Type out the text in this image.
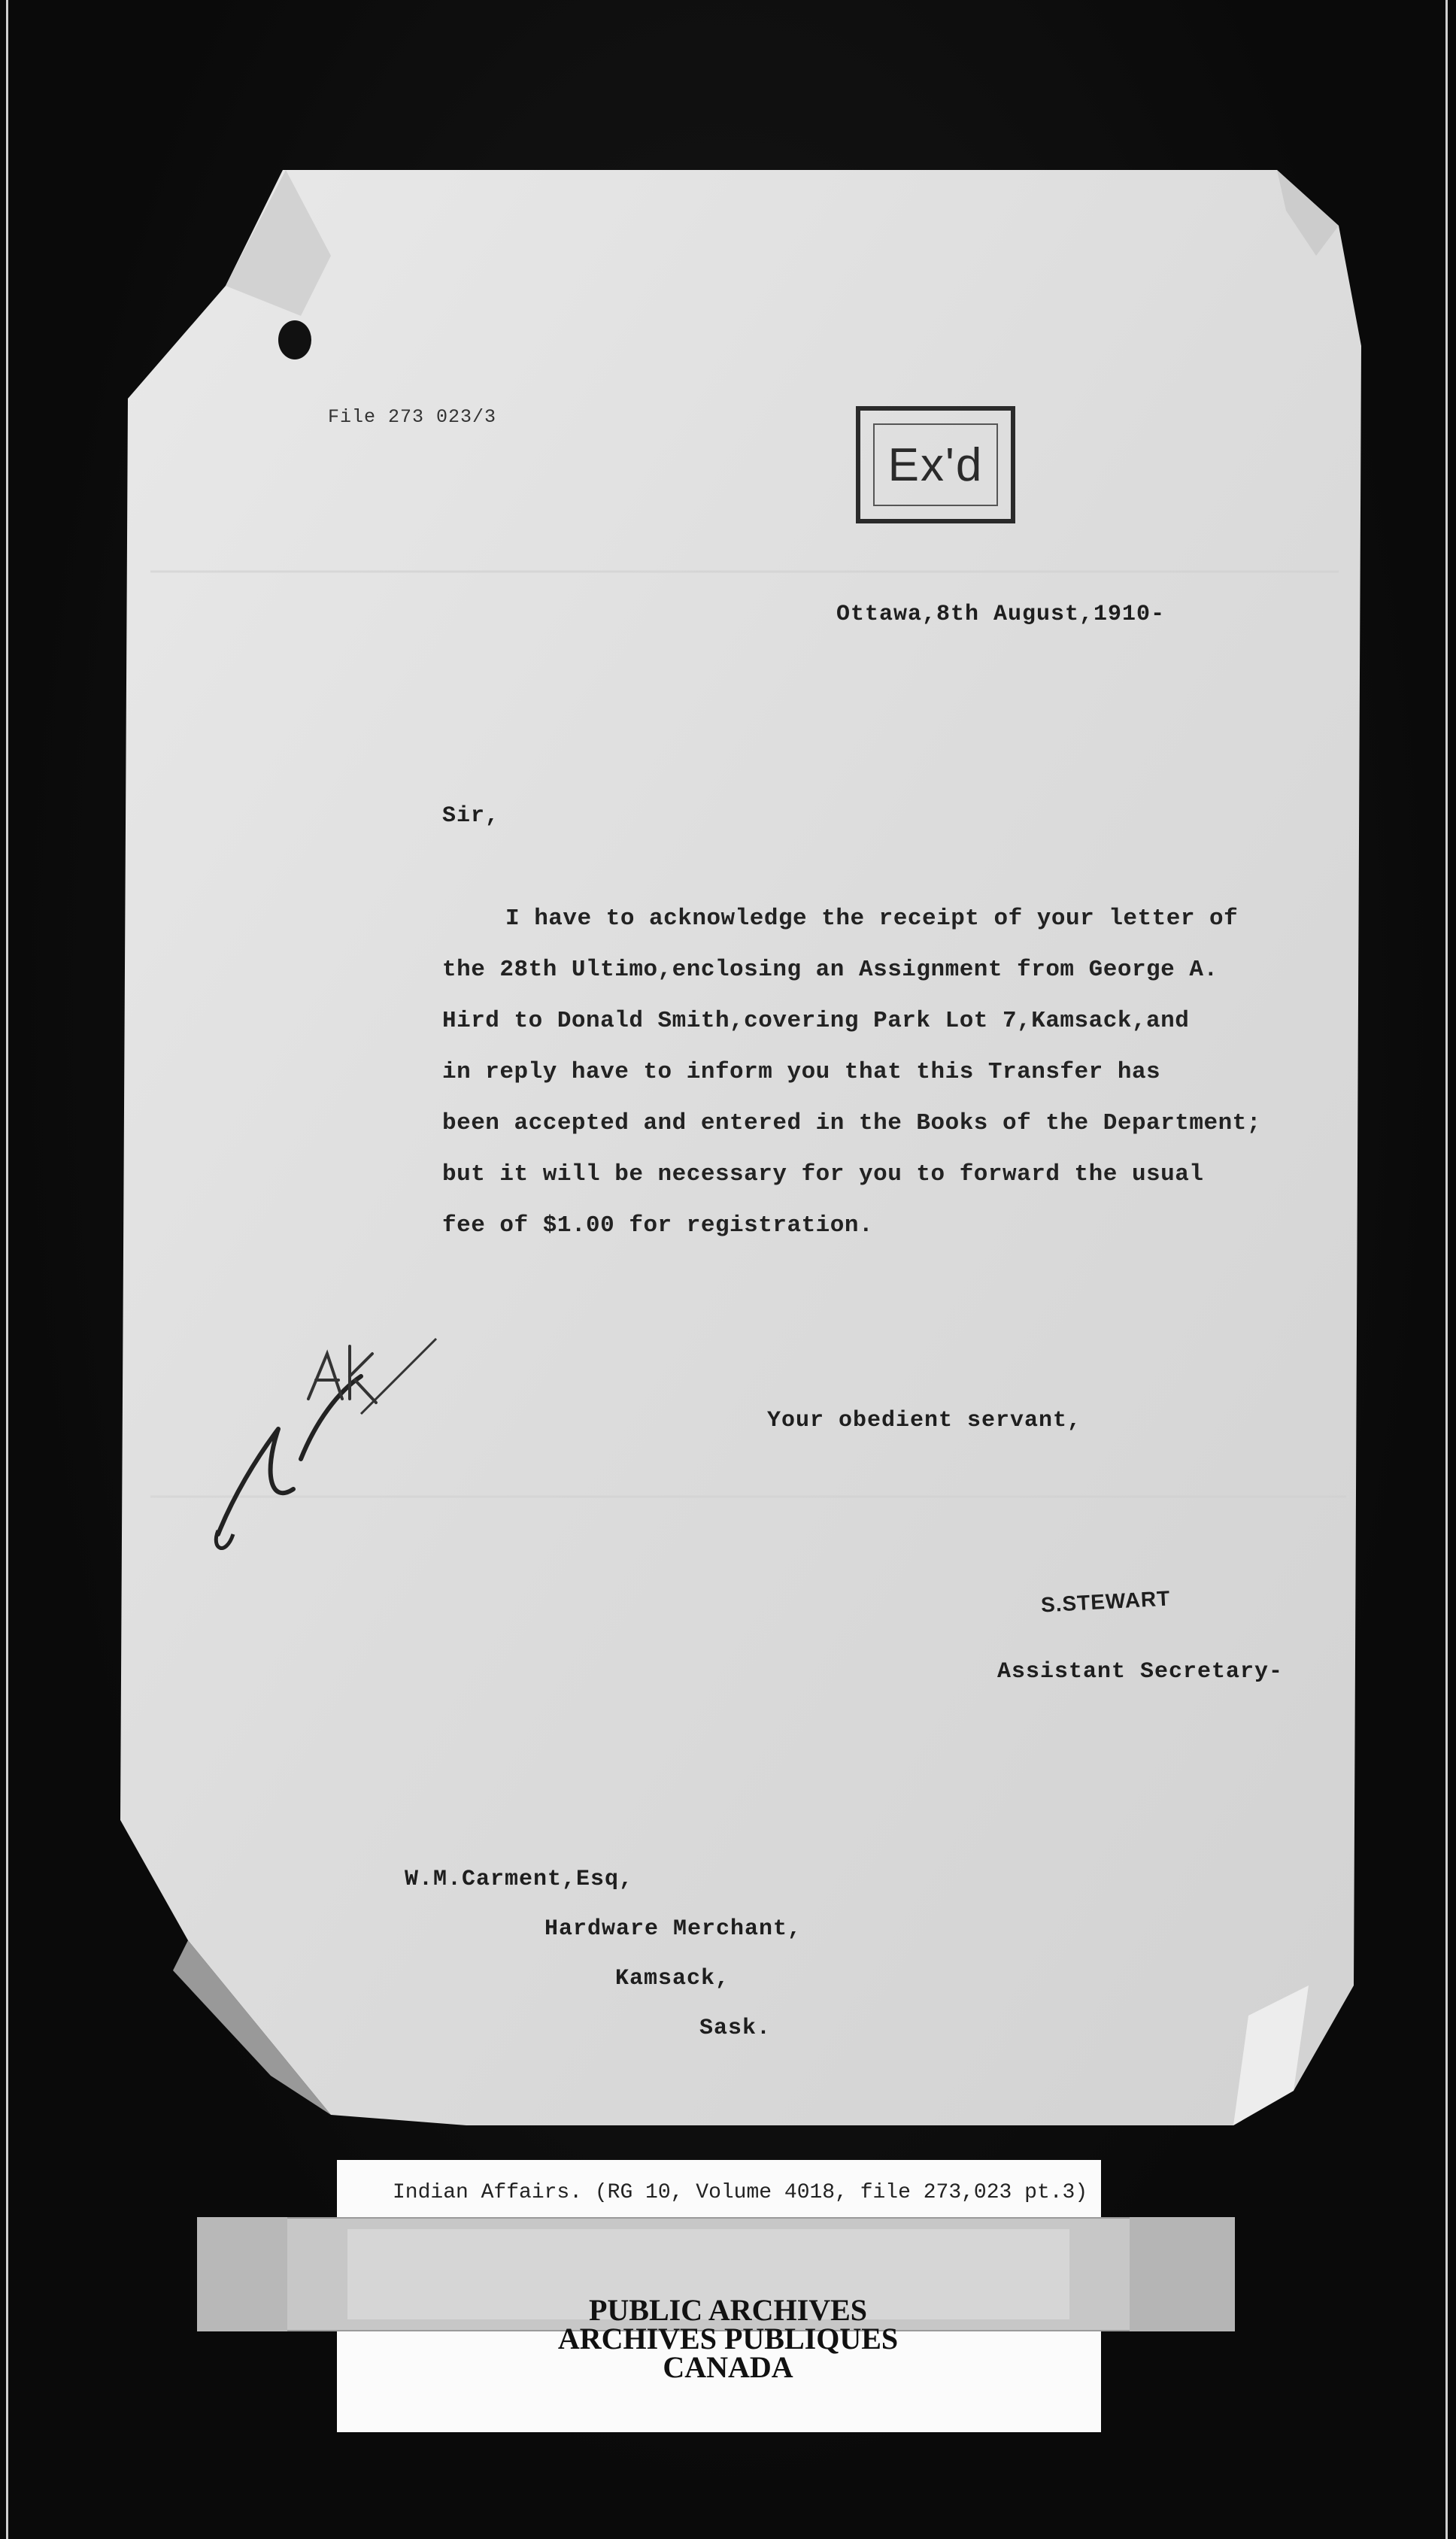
File 273 023/3
Ex'd
Ottawa,8th August,1910-
Sir,
I have to acknowledge the receipt of your letter of
the 28th Ultimo,enclosing an Assignment from George A.
Hird to Donald Smith,covering Park Lot 7,Kamsack,and
in reply have to inform you that this Transfer has
been accepted and entered in the Books of the Department;
but it will be necessary for you to forward the usual
fee of $1.00 for registration.
Your obedient servant,
S.STEWART
Assistant Secretary-
W.M.Carment,Esq,
Hardware Merchant,
Kamsack,
Sask.
Indian Affairs. (RG 10, Volume 4018, file 273,023 pt.3)
PUBLIC ARCHIVES
ARCHIVES PUBLIQUES
CANADA
